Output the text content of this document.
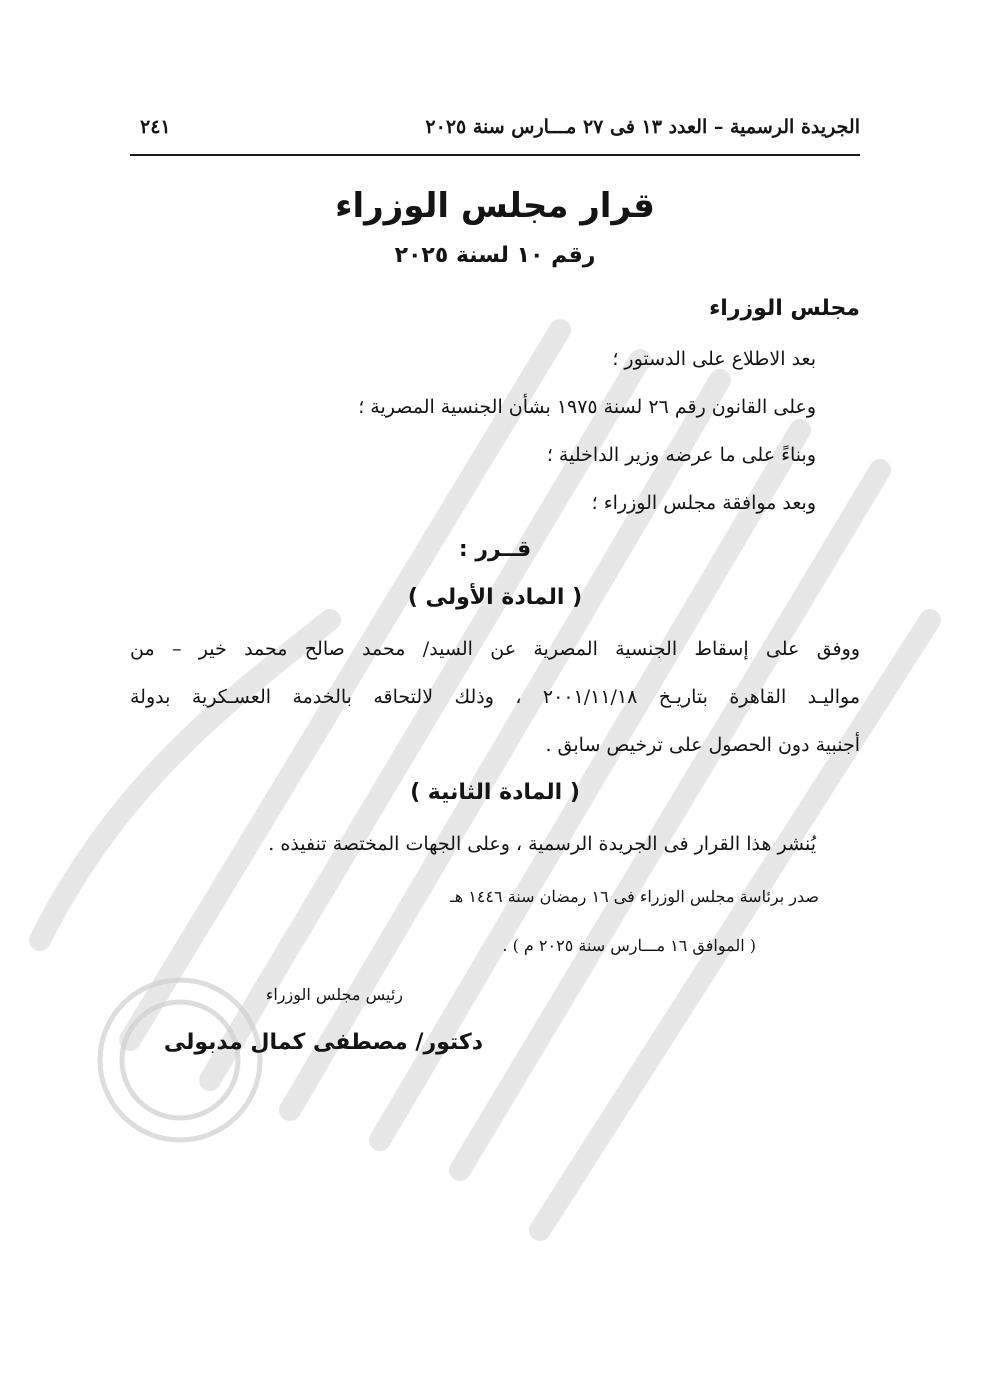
الجريدة الرسمية – العدد ١٣ فى ٢٧ مـــارس سنة ٢٠٢٥
٢٤١
قرار مجلس الوزراء
رقم ١٠ لسنة ٢٠٢٥
مجلس الوزراء
بعد الاطلاع على الدستور ؛
وعلى القانون رقم ٢٦ لسنة ١٩٧٥ بشأن الجنسية المصرية ؛
وبناءً على ما عرضه وزير الداخلية ؛
وبعد موافقة مجلس الوزراء ؛
قــرر :
( المادة الأولى )
ووفق على إسقاط الجنسية المصرية عن السيد/ محمد صالح محمد خير – من
مواليـد القاهرة بتاريـخ ٢٠٠١/١١/١٨ ، وذلك لالتحاقه بالخدمة العسـكرية بدولة
أجنبية دون الحصول على ترخيص سابق .
( المادة الثانية )
يُنشر هذا القرار فى الجريدة الرسمية ، وعلى الجهات المختصة تنفيذه .
صدر برئاسة مجلس الوزراء فى ١٦ رمضان سنة ١٤٤٦ هـ
( الموافق ١٦ مـــارس سنة ٢٠٢٥ م ) .
رئيس مجلس الوزراء
دكتور/ مصطفى كمال مدبولى
